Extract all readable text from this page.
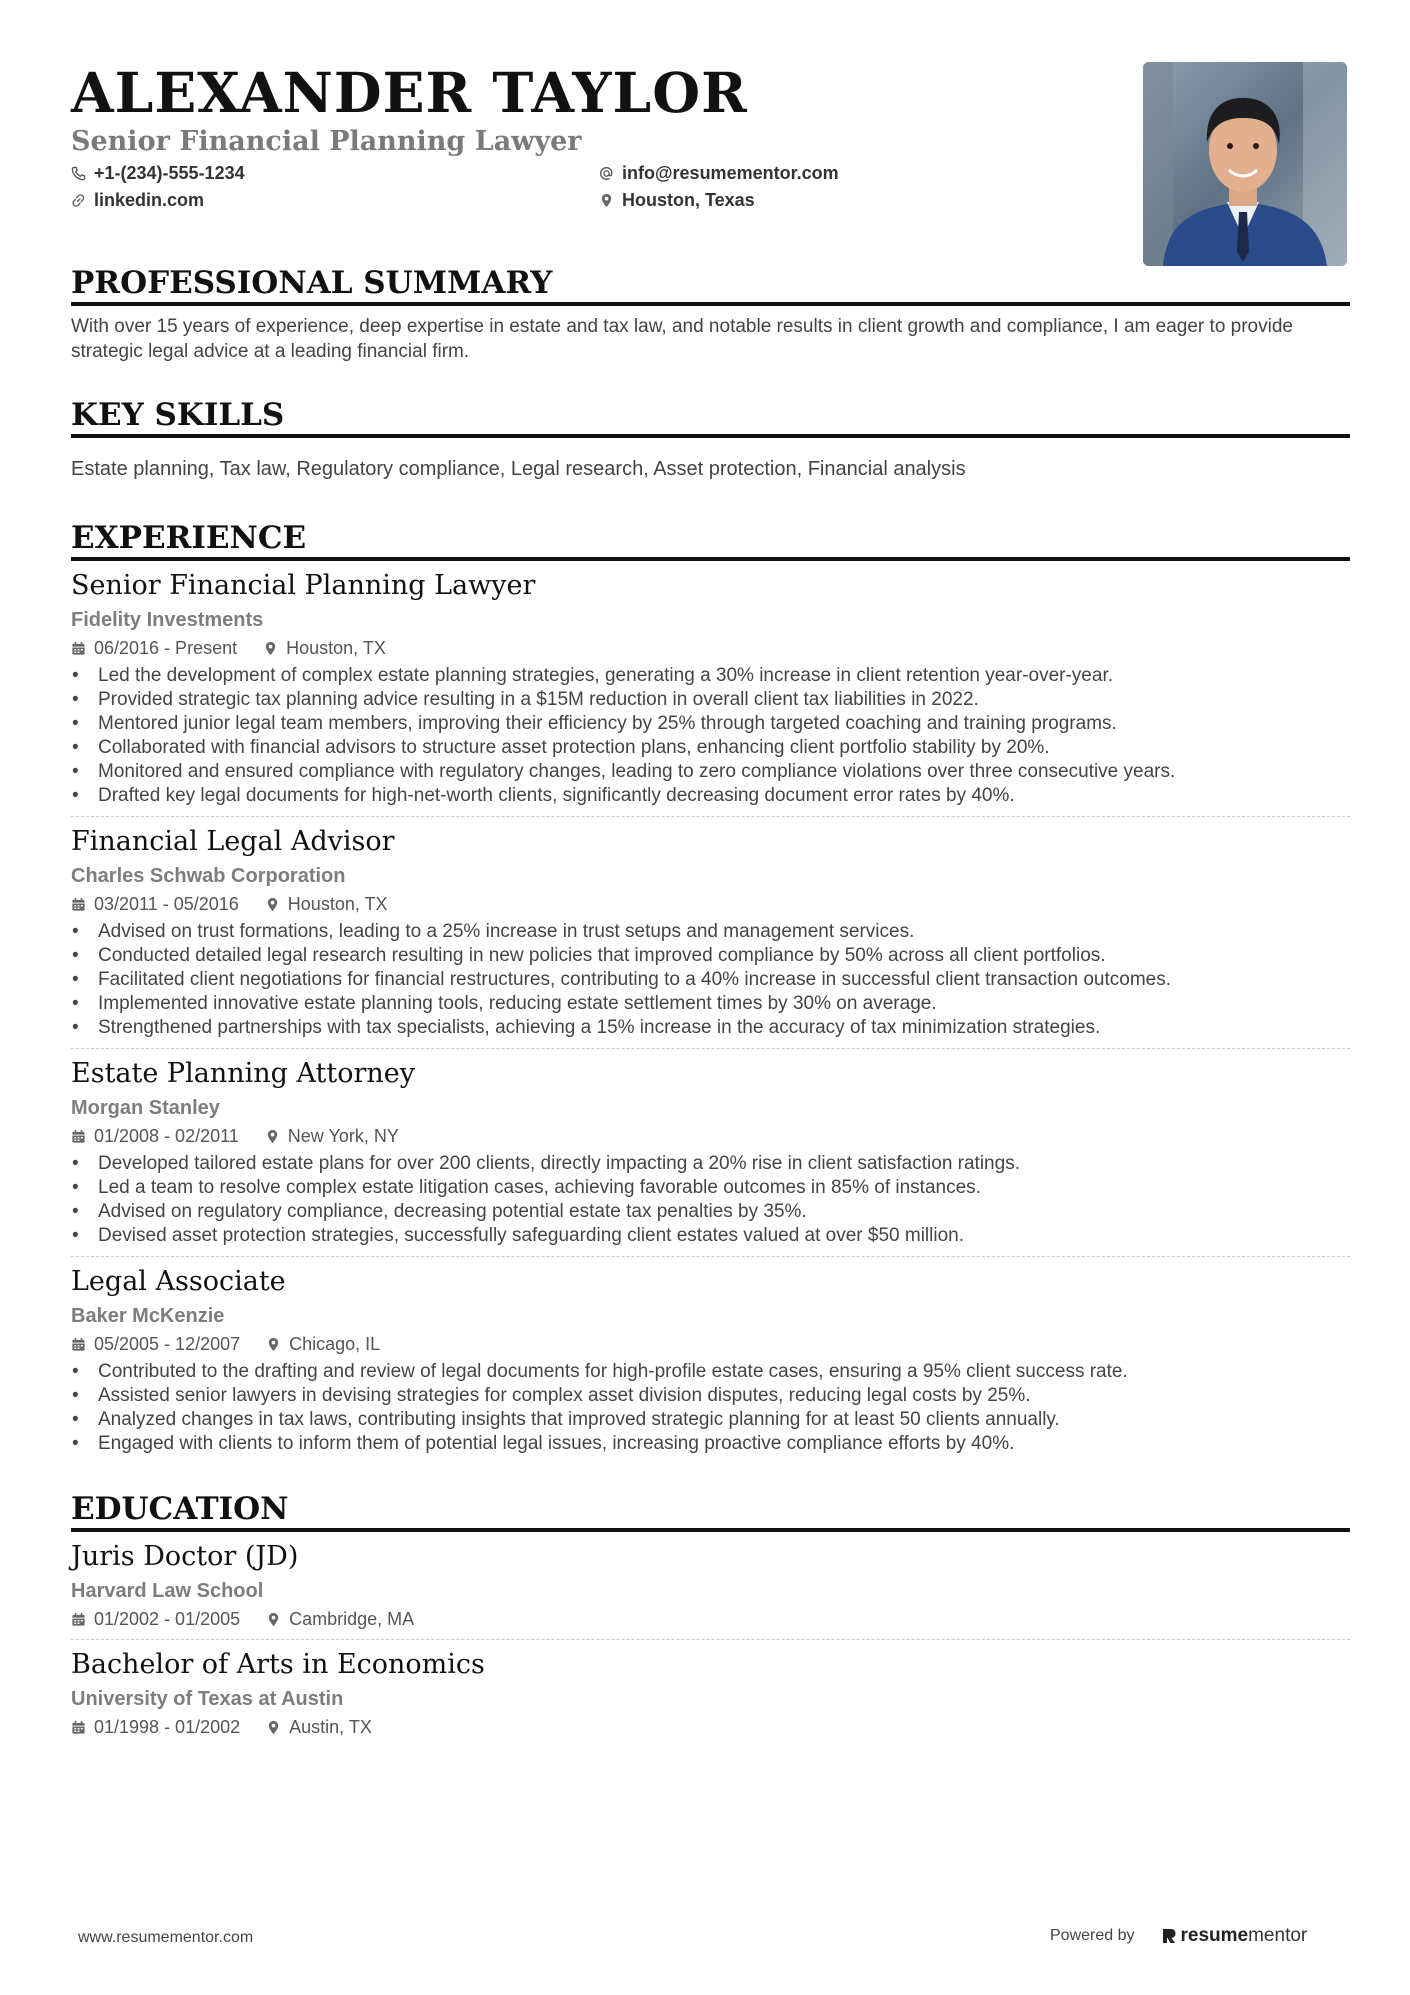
ALEXANDER TAYLOR
Senior Financial Planning Lawyer
+1-(234)-555-1234	info@resumementor.com
linkedin.com	Houston, Texas
PROFESSIONAL SUMMARY
With over 15 years of experience, deep expertise in estate and tax law, and notable results in client growth and compliance, I am eager to provide strategic legal advice at a leading financial firm.
KEY SKILLS
Estate planning, Tax law, Regulatory compliance, Legal research, Asset protection, Financial analysis
EXPERIENCE
Senior Financial Planning Lawyer
Fidelity Investments
06/2016 - Present	Houston, TX
• Led the development of complex estate planning strategies, generating a 30% increase in client retention year-over-year.
• Provided strategic tax planning advice resulting in a $15M reduction in overall client tax liabilities in 2022.
• Mentored junior legal team members, improving their efficiency by 25% through targeted coaching and training programs.
• Collaborated with financial advisors to structure asset protection plans, enhancing client portfolio stability by 20%.
• Monitored and ensured compliance with regulatory changes, leading to zero compliance violations over three consecutive years.
• Drafted key legal documents for high-net-worth clients, significantly decreasing document error rates by 40%.
Financial Legal Advisor
Charles Schwab Corporation
03/2011 - 05/2016	Houston, TX
• Advised on trust formations, leading to a 25% increase in trust setups and management services.
• Conducted detailed legal research resulting in new policies that improved compliance by 50% across all client portfolios.
• Facilitated client negotiations for financial restructures, contributing to a 40% increase in successful client transaction outcomes.
• Implemented innovative estate planning tools, reducing estate settlement times by 30% on average.
• Strengthened partnerships with tax specialists, achieving a 15% increase in the accuracy of tax minimization strategies.
Estate Planning Attorney
Morgan Stanley
01/2008 - 02/2011	New York, NY
• Developed tailored estate plans for over 200 clients, directly impacting a 20% rise in client satisfaction ratings.
• Led a team to resolve complex estate litigation cases, achieving favorable outcomes in 85% of instances.
• Advised on regulatory compliance, decreasing potential estate tax penalties by 35%.
• Devised asset protection strategies, successfully safeguarding client estates valued at over $50 million.
Legal Associate
Baker McKenzie
05/2005 - 12/2007	Chicago, IL
• Contributed to the drafting and review of legal documents for high-profile estate cases, ensuring a 95% client success rate.
• Assisted senior lawyers in devising strategies for complex asset division disputes, reducing legal costs by 25%.
• Analyzed changes in tax laws, contributing insights that improved strategic planning for at least 50 clients annually.
• Engaged with clients to inform them of potential legal issues, increasing proactive compliance efforts by 40%.
EDUCATION
Juris Doctor (JD)
Harvard Law School
01/2002 - 01/2005	Cambridge, MA
Bachelor of Arts in Economics
University of Texas at Austin
01/1998 - 01/2002	Austin, TX
www.resumementor.com	Powered by resumementor
